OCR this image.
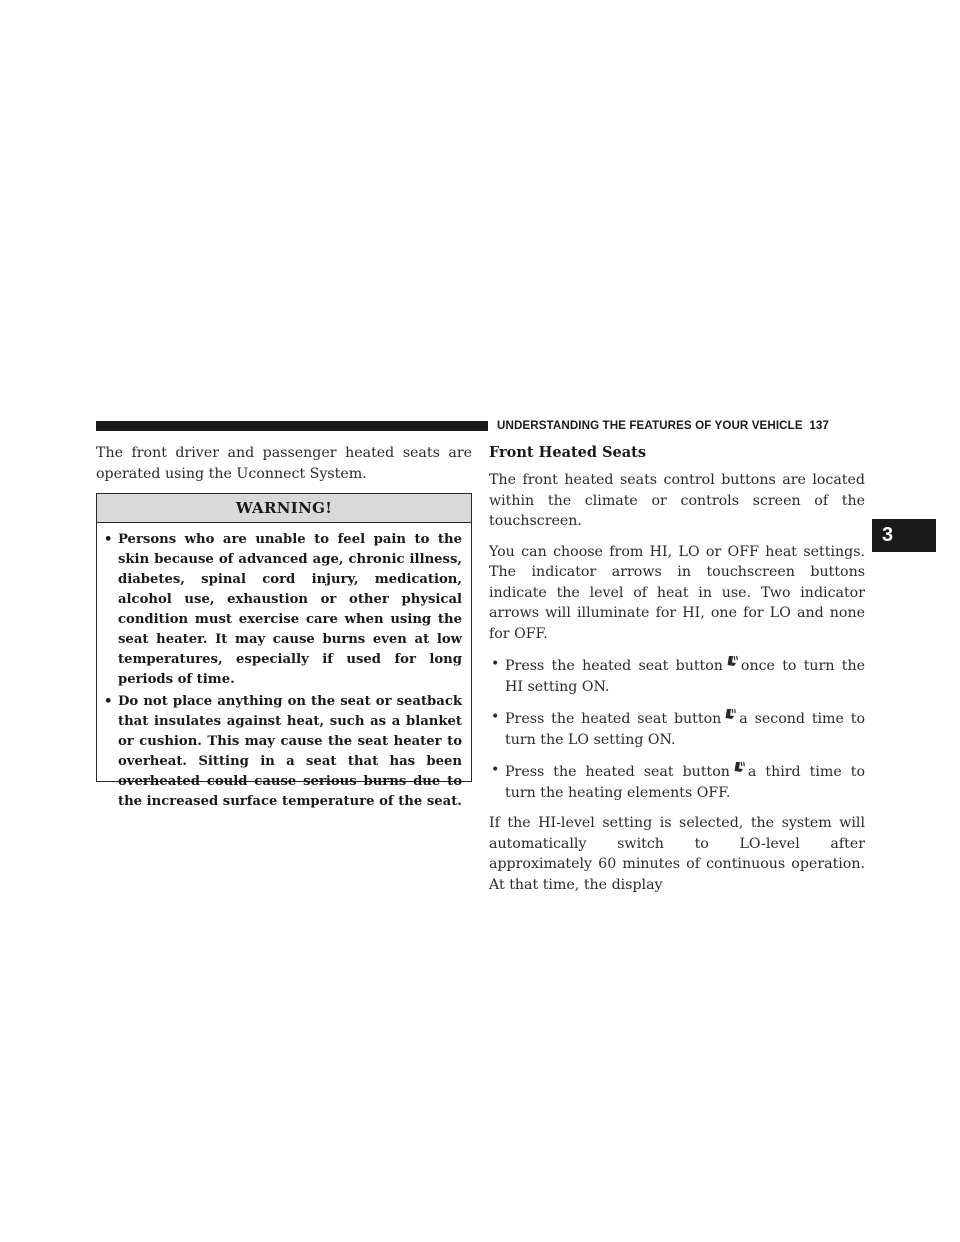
UNDERSTANDING THE FEATURES OF YOUR VEHICLE 137
3

The front driver and passenger heated seats are operated using the Uconnect System.

WARNING!
• Persons who are unable to feel pain to the skin because of advanced age, chronic illness, diabetes, spinal cord injury, medication, alcohol use, exhaustion or other physical condition must exercise care when using the seat heater. It may cause burns even at low temperatures, especially if used for long periods of time.
• Do not place anything on the seat or seatback that insulates against heat, such as a blanket or cushion. This may cause the seat heater to overheat. Sitting in a seat that has been overheated could cause serious burns due to the increased surface temperature of the seat.
Front Heated Seats

The front heated seats control buttons are located within the climate or controls screen of the touchscreen.

You can choose from HI, LO or OFF heat settings. The indicator arrows in touchscreen buttons indicate the level of heat in use. Two indicator arrows will illuminate for HI, one for LO and none for OFF.

• Press the heated seat button once to turn the HI setting ON.
• Press the heated seat button a second time to turn the LO setting ON.
• Press the heated seat button a third time to turn the heating elements OFF.

If the HI-level setting is selected, the system will automatically switch to LO-level after approximately 60 minutes of continuous operation. At that time, the display
